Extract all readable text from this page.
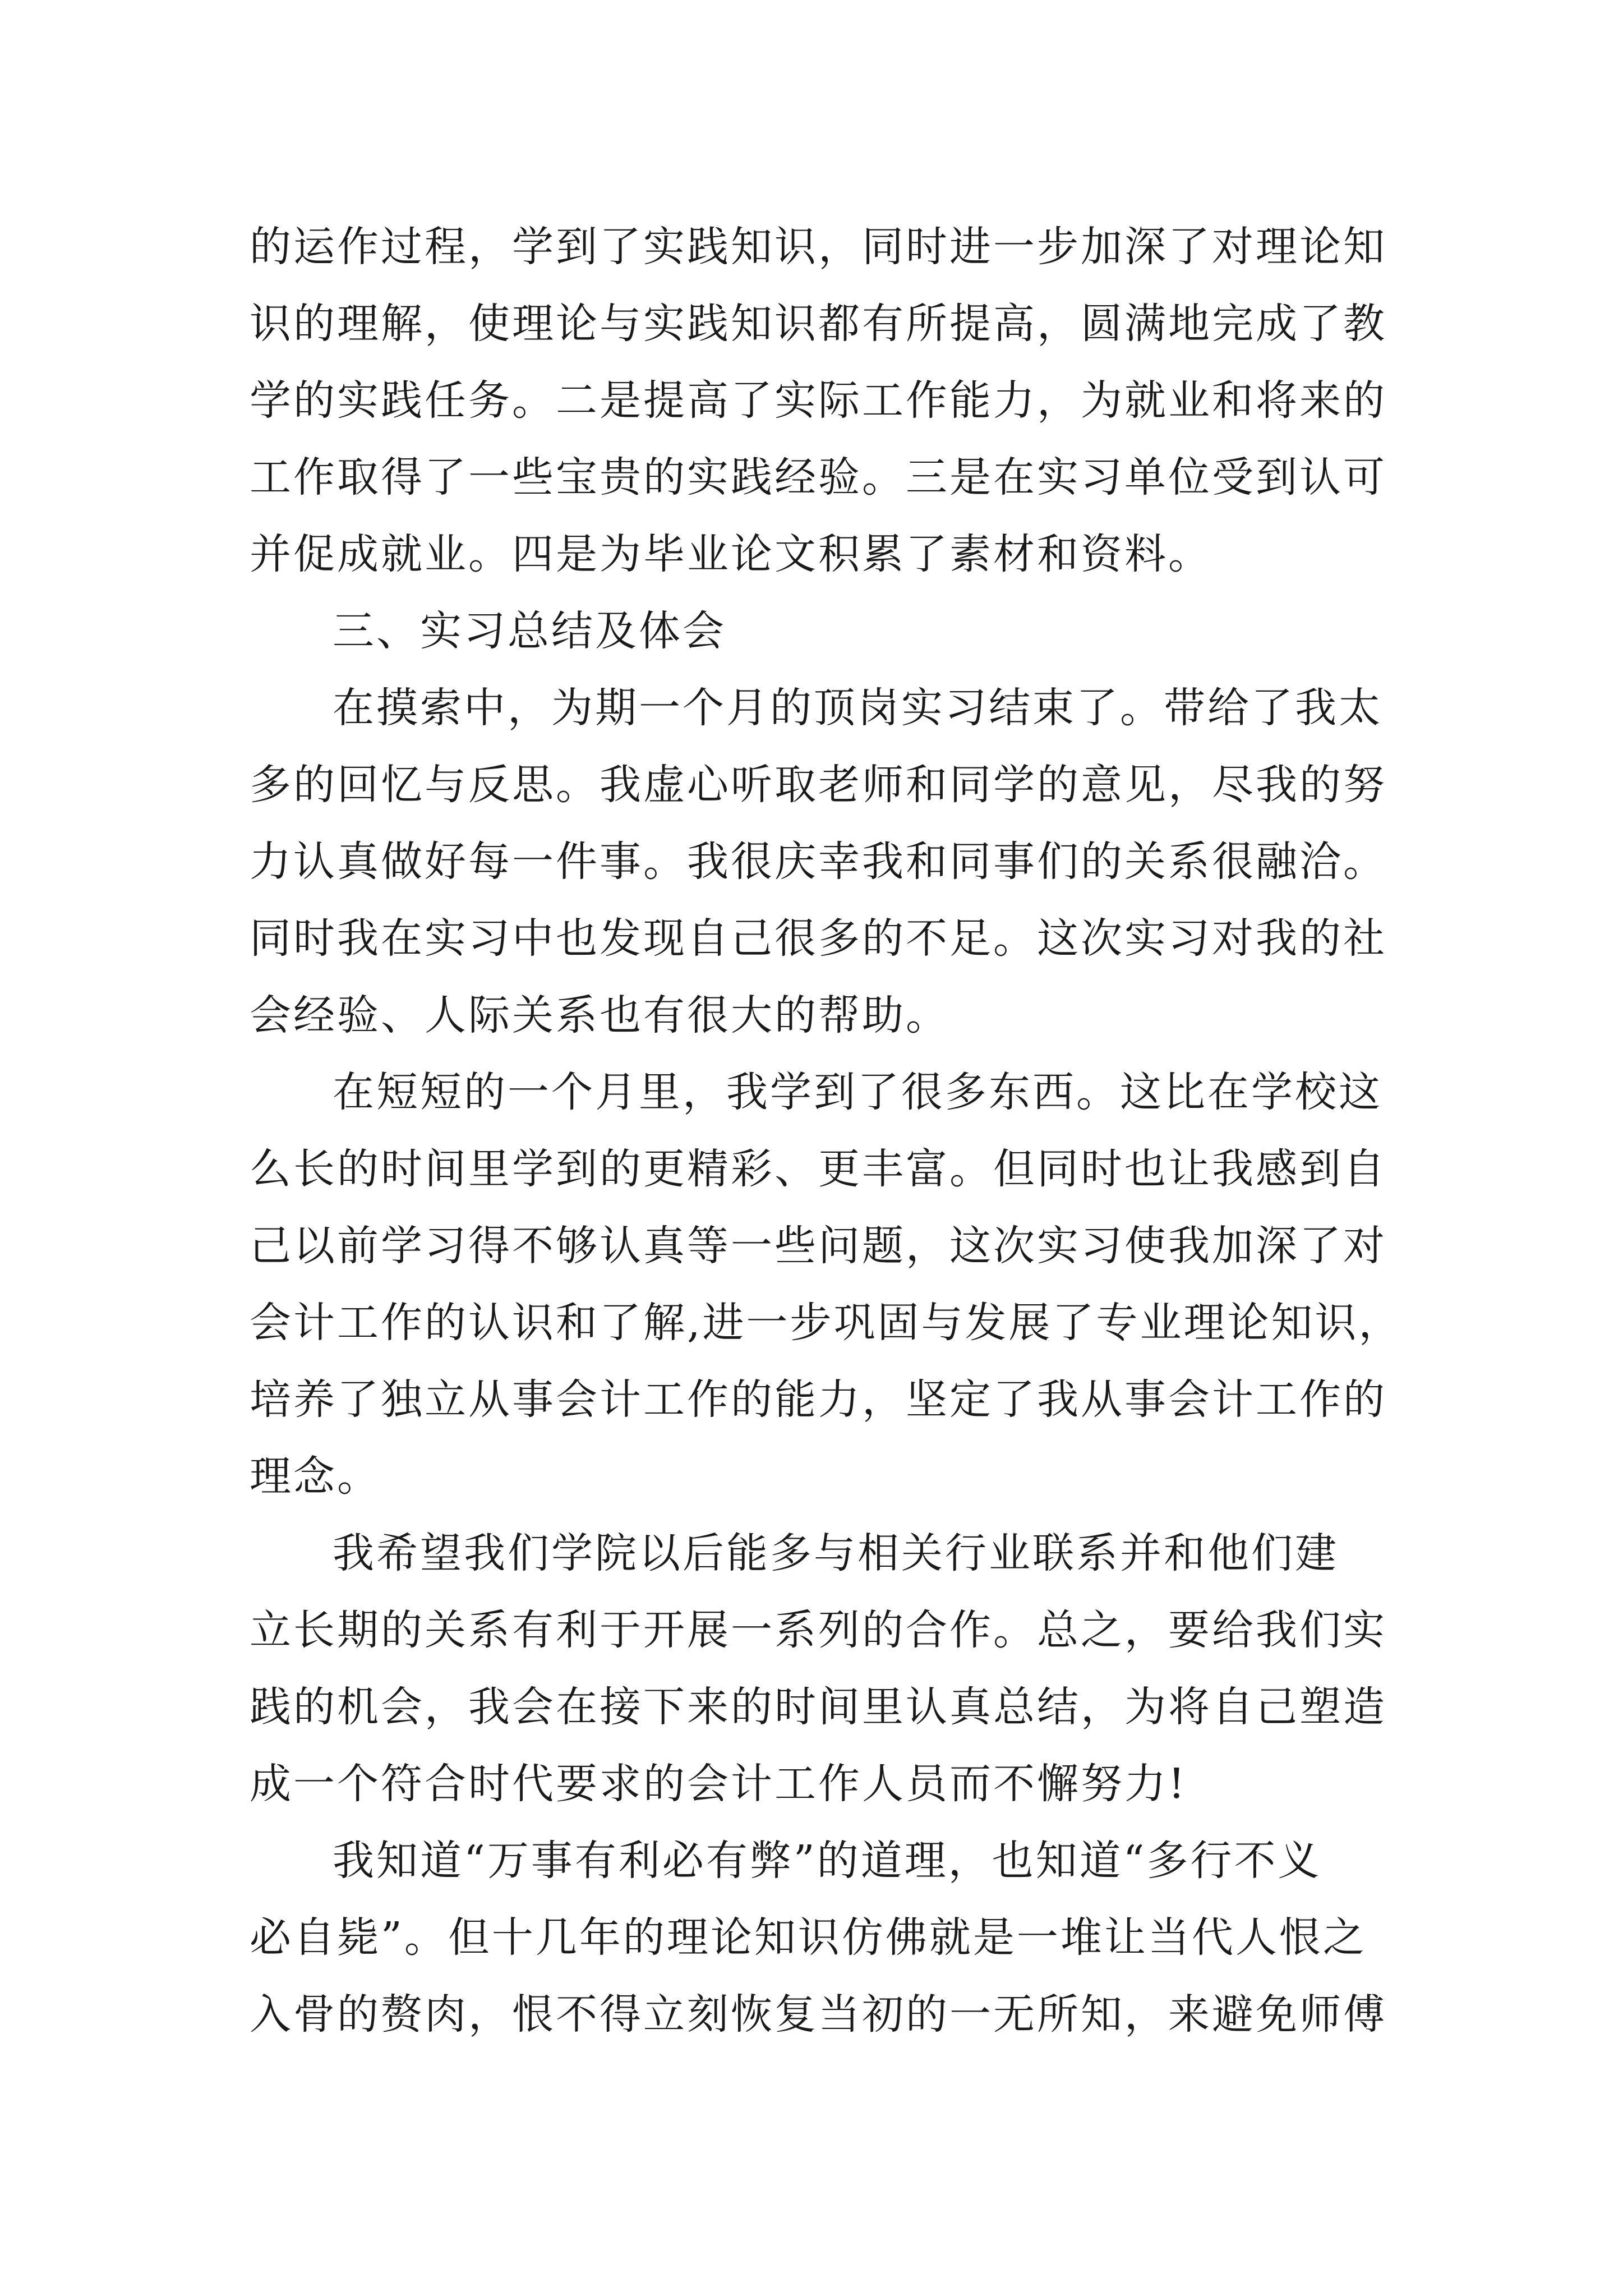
的运作过程，学到了实践知识，同时进一步加深了对理论知
识的理解，使理论与实践知识都有所提高，圆满地完成了教
学的实践任务。二是提高了实际工作能力，为就业和将来的
工作取得了一些宝贵的实践经验。三是在实习单位受到认可
并促成就业。四是为毕业论文积累了素材和资料。
三、实习总结及体会
在摸索中，为期一个月的顶岗实习结束了。带给了我太
多的回忆与反思。我虚心听取老师和同学的意见，尽我的努
力认真做好每一件事。我很庆幸我和同事们的关系很融洽。
同时我在实习中也发现自己很多的不足。这次实习对我的社
会经验、人际关系也有很大的帮助。
在短短的一个月里，我学到了很多东西。这比在学校这
么长的时间里学到的更精彩、更丰富。但同时也让我感到自
己以前学习得不够认真等一些问题，这次实习使我加深了对
会计工作的认识和了解,进一步巩固与发展了专业理论知识，
培养了独立从事会计工作的能力，坚定了我从事会计工作的
理念。
我希望我们学院以后能多与相关行业联系并和他们建
立长期的关系有利于开展一系列的合作。总之，要给我们实
践的机会，我会在接下来的时间里认真总结，为将自己塑造
成一个符合时代要求的会计工作人员而不懈努力!
我知道“万事有利必有弊”的道理，也知道“多行不义
必自毙”。但十几年的理论知识仿佛就是一堆让当代人恨之
入骨的赘肉，恨不得立刻恢复当初的一无所知，来避免师傅
